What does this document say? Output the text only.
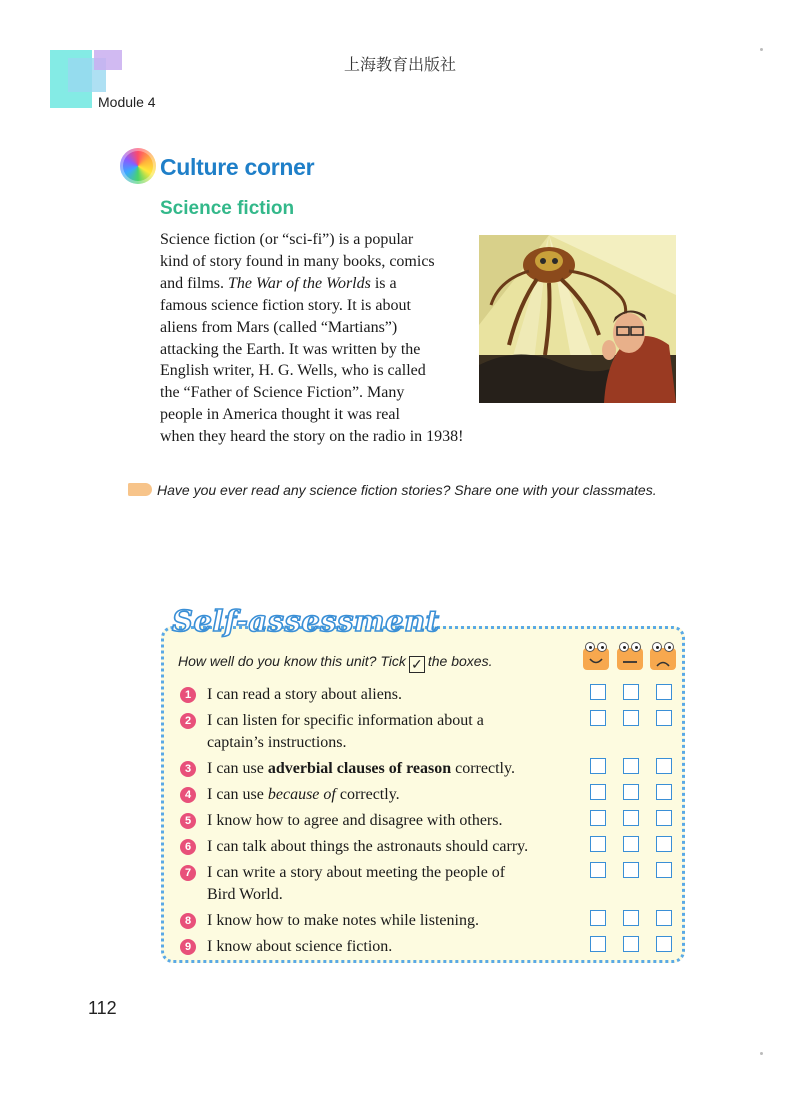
Module 4
上海教育出版社
Culture corner
Science fiction
Science fiction (or “sci-fi”) is a popular
kind of story found in many books, comics
and films. The War of the Worlds is a
famous science fiction story. It is about
aliens from Mars (called “Martians”)
attacking the Earth. It was written by the
English writer, H. G. Wells, who is called
the “Father of Science Fiction”. Many
people in America thought it was real
when they heard the story on the radio in 1938!
Have you ever read any science fiction stories? Share one with your classmates.
Self-assessment
How well do you know this unit? Tick ✓ the boxes.
1 I can read a story about aliens.
2 I can listen for specific information about a
captain’s instructions.
3 I can use adverbial clauses of reason correctly.
4 I can use because of correctly.
5 I know how to agree and disagree with others.
6 I can talk about things the astronauts should carry.
7 I can write a story about meeting the people of
Bird World.
8 I know how to make notes while listening.
9 I know about science fiction.
112
